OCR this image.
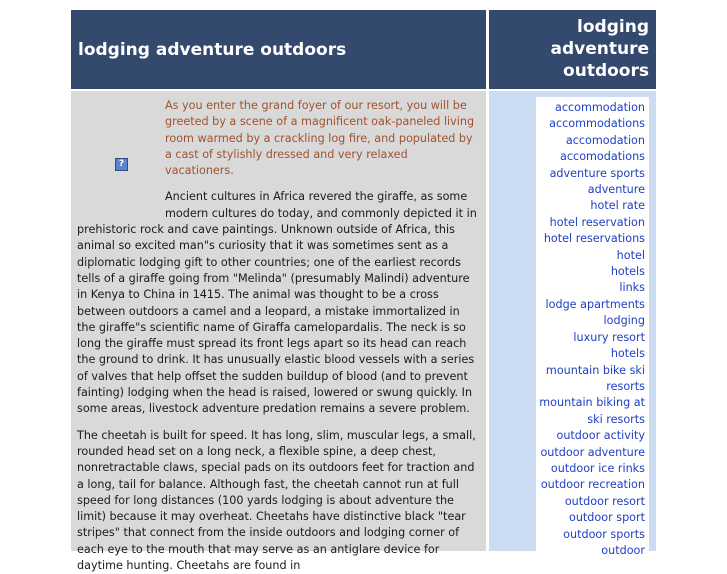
lodging adventure outdoors
lodging
adventure
outdoors
?

As you enter the grand foyer of our resort, you will be greeted by a scene of a magnificent oak-paneled living room warmed by a crackling log fire, and populated by a cast of stylishly dressed and very relaxed vacationers.

Ancient cultures in Africa revered the giraffe, as some modern cultures do today, and commonly depicted it in prehistoric rock and cave paintings. Unknown outside of Africa, this animal so excited man"s curiosity that it was sometimes sent as a diplomatic lodging gift to other countries; one of the earliest records tells of a giraffe going from "Melinda" (presumably Malindi) adventure in Kenya to China in 1415. The animal was thought to be a cross between outdoors a camel and a leopard, a mistake immortalized in the giraffe"s scientific name of Giraffa camelopardalis. The neck is so long the giraffe must spread its front legs apart so its head can reach the ground to drink. It has unusually elastic blood vessels with a series of valves that help offset the sudden buildup of blood (and to prevent fainting) lodging when the head is raised, lowered or swung quickly. In some areas, livestock adventure predation remains a severe problem.

The cheetah is built for speed. It has long, slim, muscular legs, a small, rounded head set on a long neck, a flexible spine, a deep chest, nonretractable claws, special pads on its outdoors feet for traction and a long, tail for balance. Although fast, the cheetah cannot run at full speed for long distances (100 yards lodging is about adventure the limit) because it may overheat. Cheetahs have distinctive black "tear stripes" that connect from the inside outdoors and lodging corner of each eye to the mouth that may serve as an antiglare device for daytime hunting. Cheetahs are found in

accommodation
accommodations
accomodation
accomodations
adventure sports
adventure
hotel rate
hotel reservation
hotel reservations
hotel
hotels
links
lodge apartments
lodging
luxury resort hotels
mountain bike ski resorts
mountain biking at ski resorts
outdoor activity
outdoor adventure
outdoor ice rinks
outdoor recreation
outdoor resort
outdoor sport
outdoor sports
outdoor
